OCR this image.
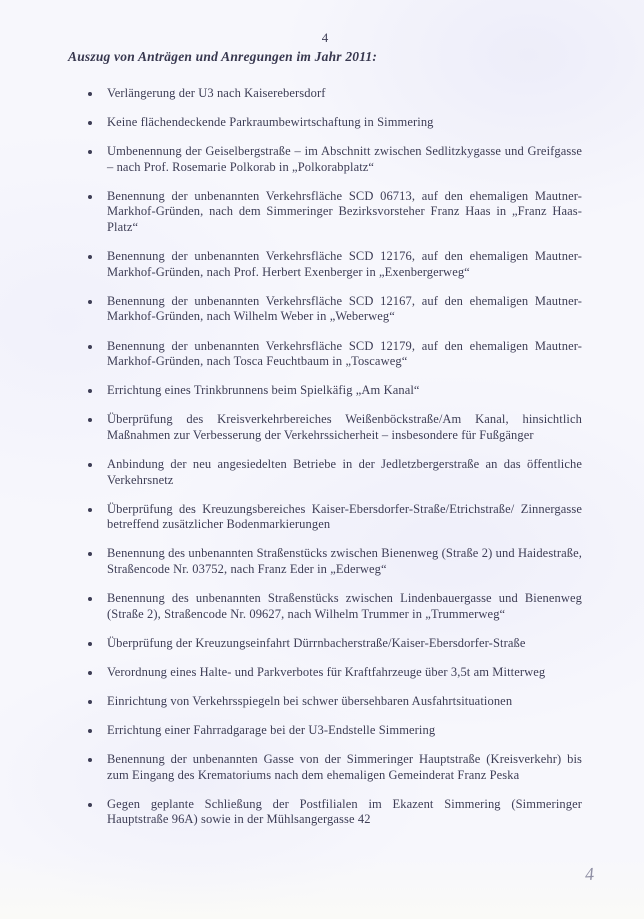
4
Auszug von Anträgen und Anregungen im Jahr 2011:
Verlängerung der U3 nach Kaiserebersdorf
Keine flächendeckende Parkraumbewirtschaftung in Simmering
Umbenennung der Geiselbergstraße – im Abschnitt zwischen Sedlitzkygasse und Greifgasse – nach Prof. Rosemarie Polkorab in „Polkorabplatz“
Benennung der unbenannten Verkehrsfläche SCD 06713, auf den ehemaligen Mautner-Markhof-Gründen, nach dem Simmeringer Bezirksvorsteher Franz Haas in „Franz Haas-Platz“
Benennung der unbenannten Verkehrsfläche SCD 12176, auf den ehemaligen Mautner-Markhof-Gründen, nach Prof. Herbert Exenberger in „Exenbergerweg“
Benennung der unbenannten Verkehrsfläche SCD 12167, auf den ehemaligen Mautner-Markhof-Gründen, nach Wilhelm Weber in „Weberweg“
Benennung der unbenannten Verkehrsfläche SCD 12179, auf den ehemaligen Mautner-Markhof-Gründen, nach Tosca Feuchtbaum in „Toscaweg“
Errichtung eines Trinkbrunnens beim Spielkäfig „Am Kanal“
Überprüfung des Kreisverkehrbereiches Weißenböckstraße/Am Kanal, hinsichtlich Maßnahmen zur Verbesserung der Verkehrssicherheit – insbesondere für Fußgänger
Anbindung der neu angesiedelten Betriebe in der Jedletzbergerstraße an das öffentliche Verkehrsnetz
Überprüfung des Kreuzungsbereiches Kaiser-Ebersdorfer-Straße/Etrichstraße/ Zinnergasse betreffend zusätzlicher Bodenmarkierungen
Benennung des unbenannten Straßenstücks zwischen Bienenweg (Straße 2) und Haidestraße, Straßencode Nr. 03752, nach Franz Eder in „Ederweg“
Benennung des unbenannten Straßenstücks zwischen Lindenbauergasse und Bienenweg (Straße 2), Straßencode Nr. 09627, nach Wilhelm Trummer in „Trummerweg“
Überprüfung der Kreuzungseinfahrt Dürrnbacherstraße/Kaiser-Ebersdorfer-Straße
Verordnung eines Halte- und Parkverbotes für Kraftfahrzeuge über 3,5t am Mitterweg
Einrichtung von Verkehrsspiegeln bei schwer übersehbaren Ausfahrtsituationen
Errichtung einer Fahrradgarage bei der U3-Endstelle Simmering
Benennung der unbenannten Gasse von der Simmeringer Hauptstraße (Kreisverkehr) bis zum Eingang des Krematoriums nach dem ehemaligen Gemeinderat Franz Peska
Gegen geplante Schließung der Postfilialen im Ekazent Simmering (Simmeringer Hauptstraße 96A) sowie in der Mühlsangergasse 42
4
